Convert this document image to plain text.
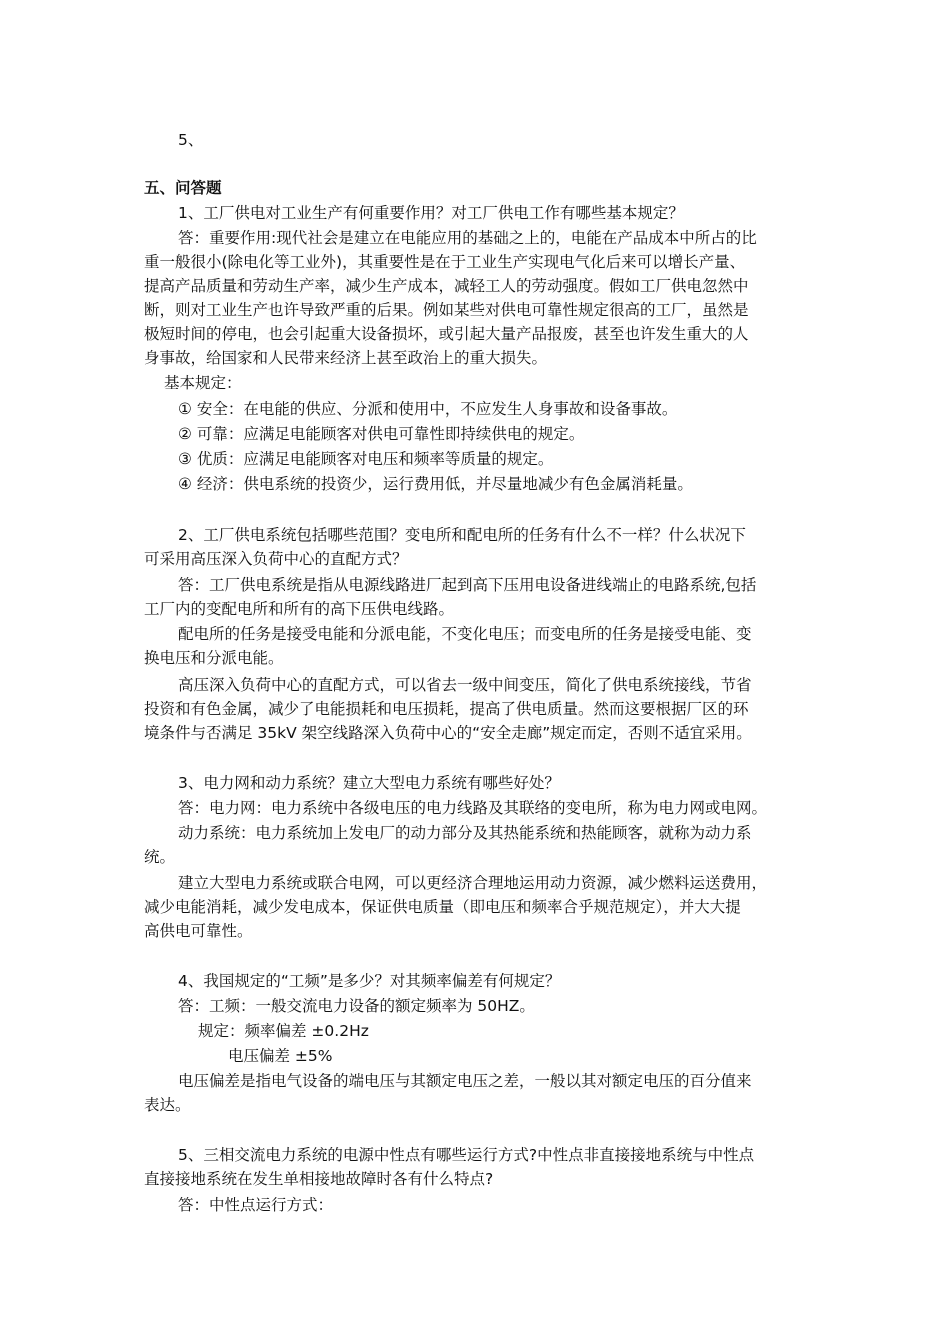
5、
五、问答题
1、工厂供电对工业生产有何重要作用？对工厂供电工作有哪些基本规定？
答：重要作用:现代社会是建立在电能应用的基础之上的，电能在产品成本中所占的比
重一般很小(除电化等工业外)，其重要性是在于工业生产实现电气化后来可以增长产量、
提高产品质量和劳动生产率，减少生产成本，减轻工人的劳动强度。假如工厂供电忽然中
断，则对工业生产也许导致严重的后果。例如某些对供电可靠性规定很高的工厂，虽然是
极短时间的停电，也会引起重大设备损坏，或引起大量产品报废，甚至也许发生重大的人
身事故，给国家和人民带来经济上甚至政治上的重大损失。
基本规定：
① 安全：在电能的供应、分派和使用中，不应发生人身事故和设备事故。
② 可靠：应满足电能顾客对供电可靠性即持续供电的规定。
③ 优质：应满足电能顾客对电压和频率等质量的规定。
④ 经济：供电系统的投资少，运行费用低，并尽量地减少有色金属消耗量。
2、工厂供电系统包括哪些范围？变电所和配电所的任务有什么不一样？什么状况下
可采用高压深入负荷中心的直配方式？
答：工厂供电系统是指从电源线路进厂起到高下压用电设备进线端止的电路系统,包括
工厂内的变配电所和所有的高下压供电线路。
配电所的任务是接受电能和分派电能，不变化电压；而变电所的任务是接受电能、变
换电压和分派电能。
高压深入负荷中心的直配方式，可以省去一级中间变压，简化了供电系统接线，节省
投资和有色金属，减少了电能损耗和电压损耗，提高了供电质量。然而这要根据厂区的环
境条件与否满足 35kV 架空线路深入负荷中心的“安全走廊”规定而定，否则不适宜采用。
3、电力网和动力系统？建立大型电力系统有哪些好处？
答：电力网：电力系统中各级电压的电力线路及其联络的变电所，称为电力网或电网。
动力系统：电力系统加上发电厂的动力部分及其热能系统和热能顾客，就称为动力系
统。
建立大型电力系统或联合电网，可以更经济合理地运用动力资源，减少燃料运送费用，
减少电能消耗，减少发电成本，保证供电质量（即电压和频率合乎规范规定），并大大提
高供电可靠性。
4、我国规定的“工频”是多少？对其频率偏差有何规定？
答：工频：一般交流电力设备的额定频率为 50HZ。
规定：频率偏差 ±0.2Hz
电压偏差 ±5%
电压偏差是指电气设备的端电压与其额定电压之差，一般以其对额定电压的百分值来
表达。
5、三相交流电力系统的电源中性点有哪些运行方式?中性点非直接接地系统与中性点
直接接地系统在发生单相接地故障时各有什么特点?
答：中性点运行方式：
